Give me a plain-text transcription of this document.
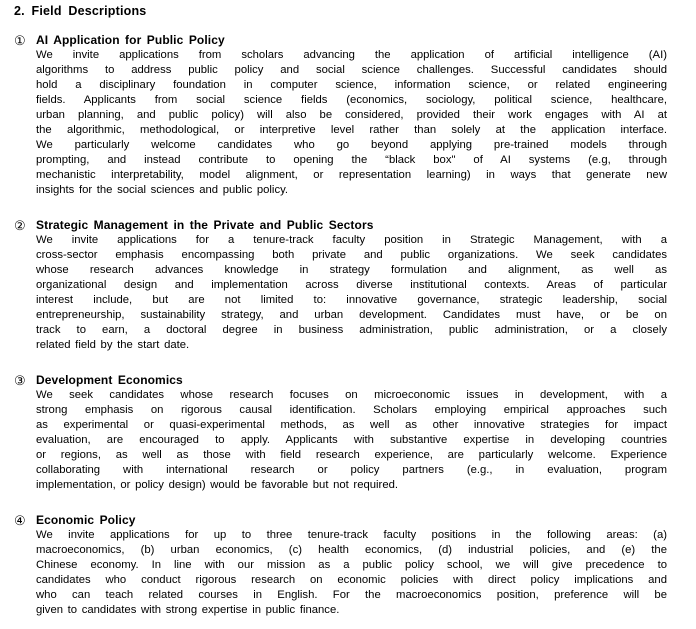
2. Field Descriptions
① AI Application for Public Policy
We invite applications from scholars advancing the application of artificial intelligence (AI)
algorithms to address public policy and social science challenges. Successful candidates should
hold a disciplinary foundation in computer science, information science, or related engineering
fields. Applicants from social science fields (economics, sociology, political science, healthcare,
urban planning, and public policy) will also be considered, provided their work engages with AI at
the algorithmic, methodological, or interpretive level rather than solely at the application interface.
We particularly welcome candidates who go beyond applying pre-trained models through
prompting, and instead contribute to opening the “black box" of AI systems (e.g, through
mechanistic interpretability, model alignment, or representation learning) in ways that generate new
insights for the social sciences and public policy.
② Strategic Management in the Private and Public Sectors
We invite applications for a tenure-track faculty position in Strategic Management, with a
cross-sector emphasis encompassing both private and public organizations. We seek candidates
whose research advances knowledge in strategy formulation and alignment, as well as
organizational design and implementation across diverse institutional contexts. Areas of particular
interest include, but are not limited to: innovative governance, strategic leadership, social
entrepreneurship, sustainability strategy, and urban development. Candidates must have, or be on
track to earn, a doctoral degree in business administration, public administration, or a closely
related field by the start date.
③ Development Economics
We seek candidates whose research focuses on microeconomic issues in development, with a
strong emphasis on rigorous causal identification. Scholars employing empirical approaches such
as experimental or quasi-experimental methods, as well as other innovative strategies for impact
evaluation, are encouraged to apply. Applicants with substantive expertise in developing countries
or regions, as well as those with field research experience, are particularly welcome. Experience
collaborating with international research or policy partners (e.g., in evaluation, program
implementation, or policy design) would be favorable but not required.
④ Economic Policy
We invite applications for up to three tenure-track faculty positions in the following areas: (a)
macroeconomics, (b) urban economics, (c) health economics, (d) industrial policies, and (e) the
Chinese economy. In line with our mission as a public policy school, we will give precedence to
candidates who conduct rigorous research on economic policies with direct policy implications and
who can teach related courses in English. For the macroeconomics position, preference will be
given to candidates with strong expertise in public finance.
